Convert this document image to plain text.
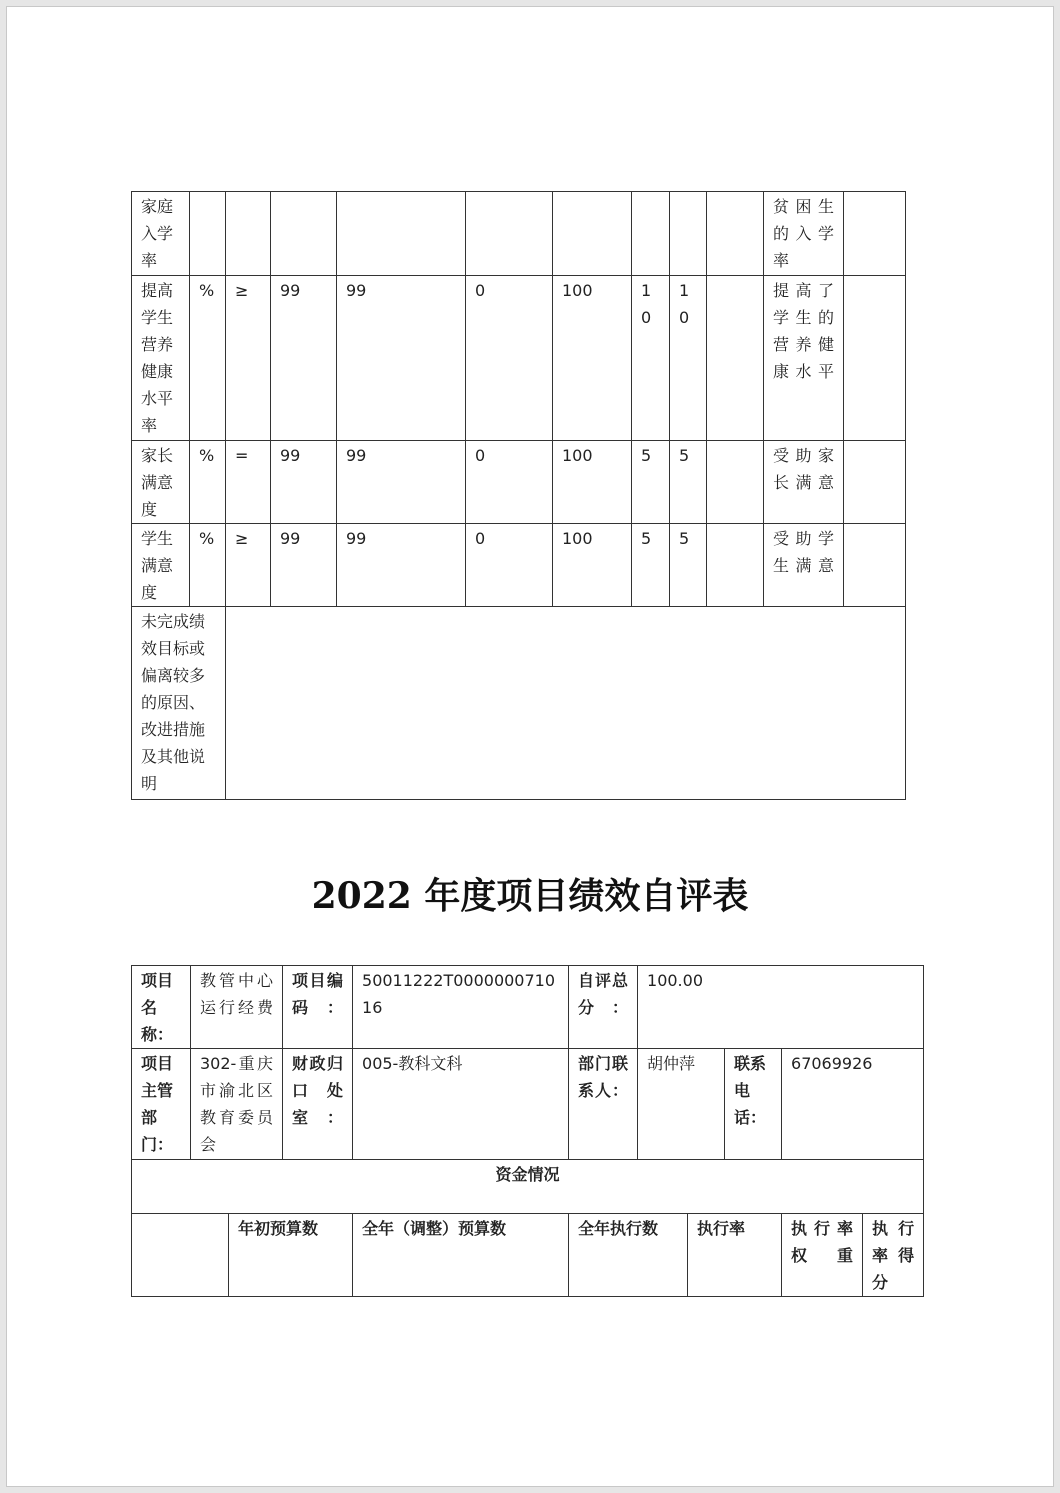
家庭入学率										贫困生的入学率	
提高学生营养健康水平率	%	≥	99	99	0	100	10	10		提高了学生的营养健康水平	
家长满意度	%	=	99	99	0	100	5	5		受助家长满意	
学生满意度	%	≥	99	99	0	100	5	5		受助学生满意	
未完成绩效目标或偏离较多的原因、改进措施及其他说明											
2022 年度项目绩效自评表
项目名称：	教管中心运行经费		项目编码：	50011222T000000071016	自评总分：	100.00				
项目主管部门：	302-重庆市渝北区教育委员会		财政归口处室：	005-教科文科	部门联系人：	胡仲萍		联系电话：	67069926	
资金情况										
		年初预算数		全年（调整）预算数	全年执行数		执行率		执行率权重	执行率得分
